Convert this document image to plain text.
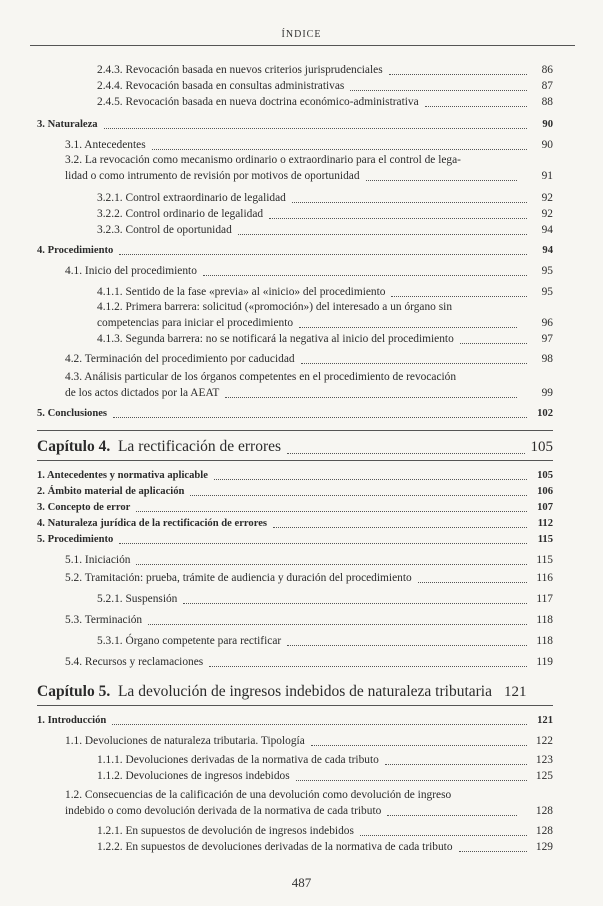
ÍNDICE
2.4.3. Revocación basada en nuevos criterios jurisprudenciales	86
2.4.4. Revocación basada en consultas administrativas	87
2.4.5. Revocación basada en nueva doctrina económico-administrativa	88
3. Naturaleza	90
3.1. Antecedentes	90
3.2. La revocación como mecanismo ordinario o extraordinario para el control de lega-
lidad o como intrumento de revisión por motivos de oportunidad	91
3.2.1. Control extraordinario de legalidad	92
3.2.2. Control ordinario de legalidad	92
3.2.3. Control de oportunidad	94
4. Procedimiento	94
4.1. Inicio del procedimiento	95
4.1.1. Sentido de la fase «previa» al «inicio» del procedimiento	95
4.1.2. Primera barrera: solicitud («promoción») del interesado a un órgano sin
competencias para iniciar el procedimiento	96
4.1.3. Segunda barrera: no se notificará la negativa al inicio del procedimiento	97
4.2. Terminación del procedimiento por caducidad	98
4.3. Análisis particular de los órganos competentes en el procedimiento de revocación
de los actos dictados por la AEAT	99
5. Conclusiones	102
Capítulo 4. La rectificación de errores	105
1. Antecedentes y normativa aplicable	105
2. Ámbito material de aplicación	106
3. Concepto de error	107
4. Naturaleza jurídica de la rectificación de errores	112
5. Procedimiento	115
5.1. Iniciación	115
5.2. Tramitación: prueba, trámite de audiencia y duración del procedimiento	116
5.2.1. Suspensión	117
5.3. Terminación	118
5.3.1. Órgano competente para rectificar	118
5.4. Recursos y reclamaciones	119
Capítulo 5. La devolución de ingresos indebidos de naturaleza tributaria 121
1. Introducción	121
1.1. Devoluciones de naturaleza tributaria. Tipología	122
1.1.1. Devoluciones derivadas de la normativa de cada tributo	123
1.1.2. Devoluciones de ingresos indebidos	125
1.2. Consecuencias de la calificación de una devolución como devolución de ingreso
indebido o como devolución derivada de la normativa de cada tributo	128
1.2.1. En supuestos de devolución de ingresos indebidos	128
1.2.2. En supuestos de devoluciones derivadas de la normativa de cada tributo	129
487
